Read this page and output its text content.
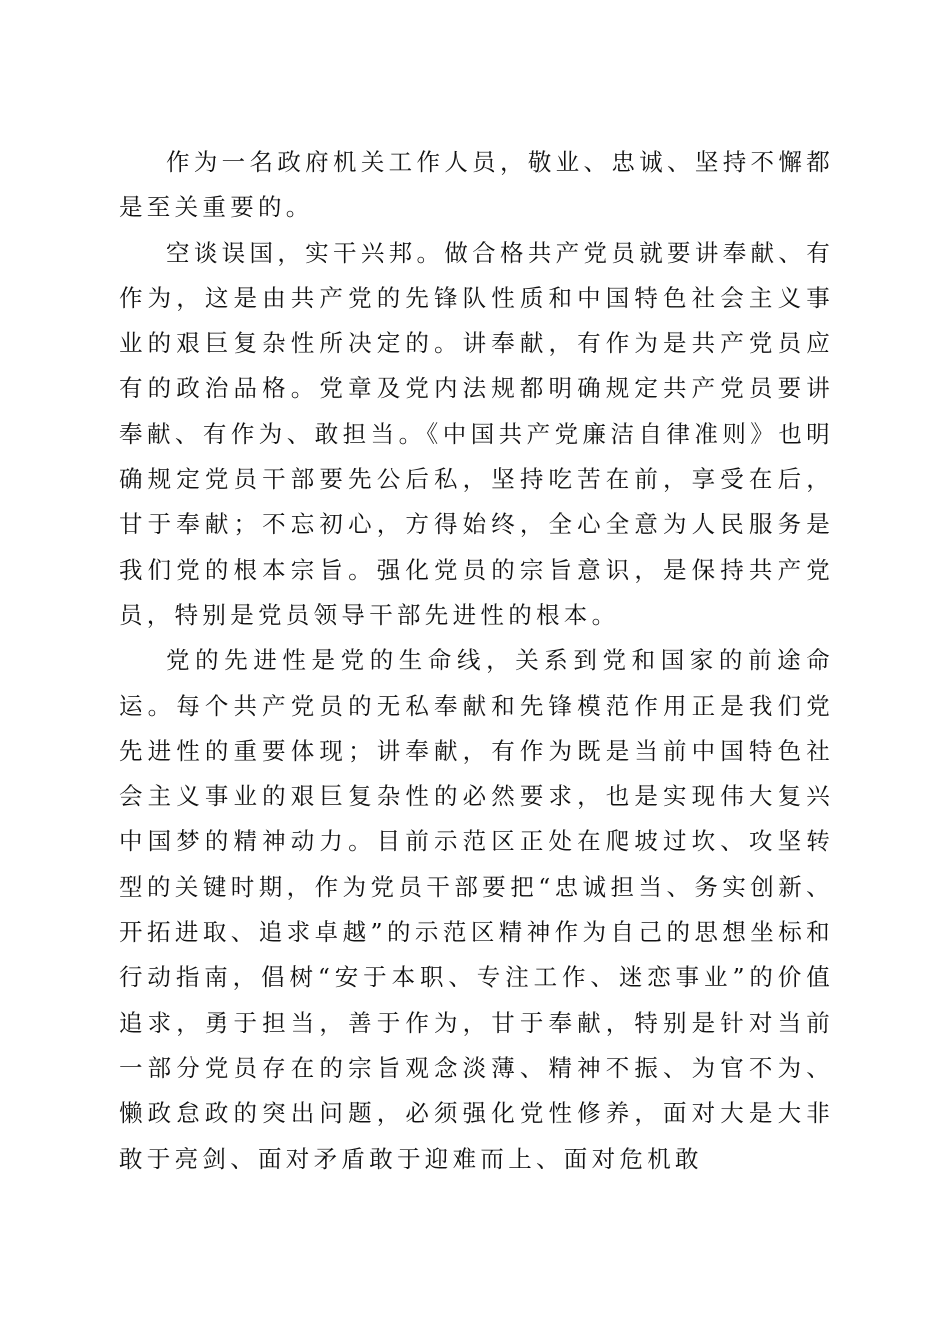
作为一名政府机关工作人员，敬业、忠诚、坚持不懈都是至关重要的。

空谈误国，实干兴邦。做合格共产党员就要讲奉献、有作为，这是由共产党的先锋队性质和中国特色社会主义事业的艰巨复杂性所决定的。讲奉献，有作为是共产党员应有的政治品格。党章及党内法规都明确规定共产党员要讲奉献、有作为、敢担当。《中国共产党廉洁自律准则》也明确规定党员干部要先公后私，坚持吃苦在前，享受在后，甘于奉献；不忘初心，方得始终，全心全意为人民服务是我们党的根本宗旨。强化党员的宗旨意识，是保持共产党员，特别是党员领导干部先进性的根本。

党的先进性是党的生命线，关系到党和国家的前途命运。每个共产党员的无私奉献和先锋模范作用正是我们党先进性的重要体现；讲奉献，有作为既是当前中国特色社会主义事业的艰巨复杂性的必然要求，也是实现伟大复兴中国梦的精神动力。目前示范区正处在爬坡过坎、攻坚转型的关键时期，作为党员干部要把“忠诚担当、务实创新、开拓进取、追求卓越”的示范区精神作为自己的思想坐标和行动指南，倡树“安于本职、专注工作、迷恋事业”的价值追求，勇于担当，善于作为，甘于奉献，特别是针对当前一部分党员存在的宗旨观念淡薄、精神不振、为官不为、懒政怠政的突出问题，必须强化党性修养，面对大是大非敢于亮剑、面对矛盾敢于迎难而上、面对危机敢
